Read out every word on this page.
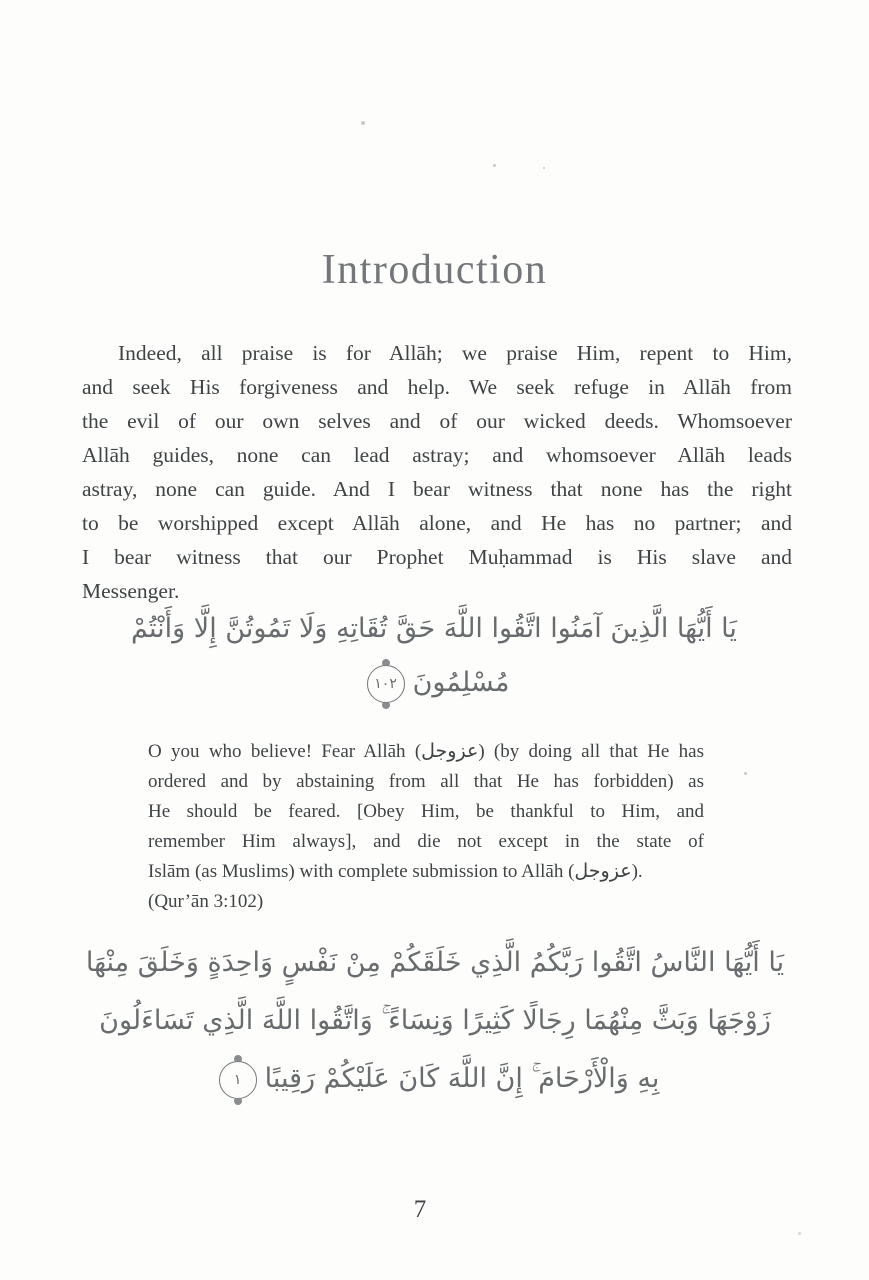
Introduction
Indeed, all praise is for Allāh; we praise Him, repent to Him,
and seek His forgiveness and help. We seek refuge in Allāh from
the evil of our own selves and of our wicked deeds. Whomsoever
Allāh guides, none can lead astray; and whomsoever Allāh leads
astray, none can guide. And I bear witness that none has the right
to be worshipped except Allāh alone, and He has no partner; and
I bear witness that our Prophet Muḥammad is His slave and
Messenger.
يَا أَيُّهَا الَّذِينَ آمَنُوا اتَّقُوا اللَّهَ حَقَّ تُقَاتِهِ وَلَا تَمُوتُنَّ إِلَّا وَأَنْتُمْ
مُسْلِمُونَ١٠٢
O you who believe! Fear Allāh (عزوجل) (by doing all that He has
ordered and by abstaining from all that He has forbidden) as
He should be feared. [Obey Him, be thankful to Him, and
remember Him always], and die not except in the state of
Islām (as Muslims) with complete submission to Allāh (عزوجل).
(Qur’ān 3:102)
يَا أَيُّهَا النَّاسُ اتَّقُوا رَبَّكُمُ الَّذِي خَلَقَكُمْ مِنْ نَفْسٍ وَاحِدَةٍ وَخَلَقَ مِنْهَا
زَوْجَهَا وَبَثَّ مِنْهُمَا رِجَالًا كَثِيرًا وَنِسَاءً ۚ وَاتَّقُوا اللَّهَ الَّذِي تَسَاءَلُونَ
بِهِ وَالْأَرْحَامَ ۚ إِنَّ اللَّهَ كَانَ عَلَيْكُمْ رَقِيبًا١
7
